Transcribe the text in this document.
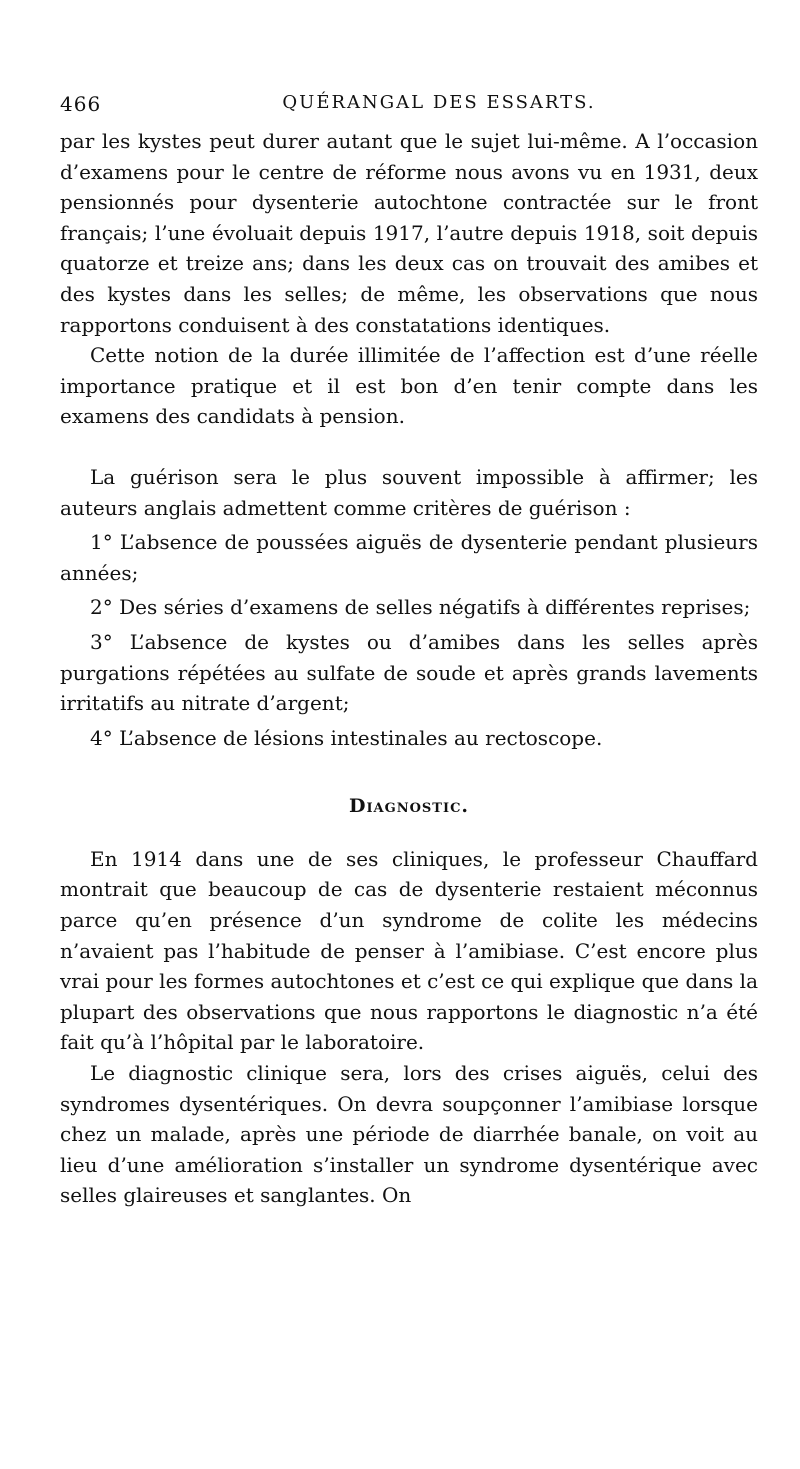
466	QUÉRANGAL DES ESSARTS.

par les kystes peut durer autant que le sujet lui-même. A l’occasion d’examens pour le centre de réforme nous avons vu en 1931, deux pensionnés pour dysenterie autochtone contractée sur le front français; l’une évoluait depuis 1917, l’autre depuis 1918, soit depuis quatorze et treize ans; dans les deux cas on trouvait des amibes et des kystes dans les selles; de même, les observations que nous rapportons conduisent à des constatations identiques.

Cette notion de la durée illimitée de l’affection est d’une réelle importance pratique et il est bon d’en tenir compte dans les examens des candidats à pension.

La guérison sera le plus souvent impossible à affirmer; les auteurs anglais admettent comme critères de guérison :

1° L’absence de poussées aiguës de dysenterie pendant plusieurs années;

2° Des séries d’examens de selles négatifs à différentes reprises;

3° L’absence de kystes ou d’amibes dans les selles après purgations répétées au sulfate de soude et après grands lavements irritatifs au nitrate d’argent;

4° L’absence de lésions intestinales au rectoscope.

Diagnostic.

En 1914 dans une de ses cliniques, le professeur Chauffard montrait que beaucoup de cas de dysenterie restaient méconnus parce qu’en présence d’un syndrome de colite les médecins n’avaient pas l’habitude de penser à l’amibiase. C’est encore plus vrai pour les formes autochtones et c’est ce qui explique que dans la plupart des observations que nous rapportons le diagnostic n’a été fait qu’à l’hôpital par le laboratoire.

Le diagnostic clinique sera, lors des crises aiguës, celui des syndromes dysentériques. On devra soupçonner l’amibiase lorsque chez un malade, après une période de diarrhée banale, on voit au lieu d’une amélioration s’installer un syndrome dysentérique avec selles glaireuses et sanglantes. On
